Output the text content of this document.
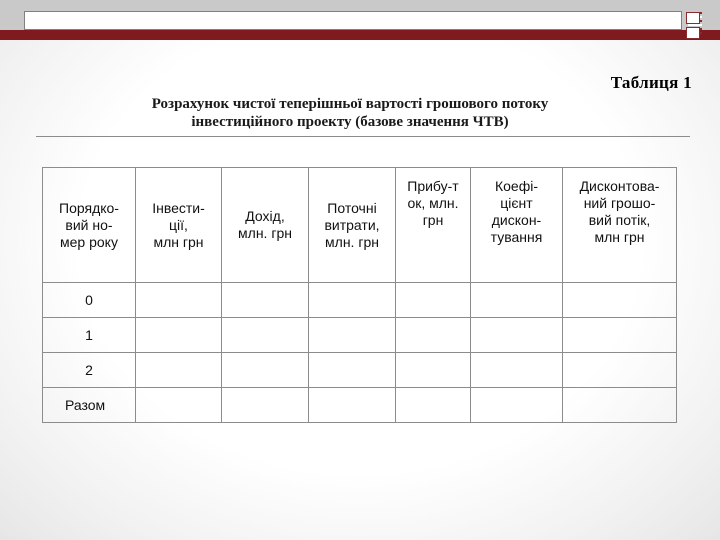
Таблиця 1
Розрахунок чистої теперішньої вартості грошового потоку
інвестиційного проекту (базове значення ЧТВ)
Порядко-
вий но-
мер року	Інвести-
ції,
млн грн	Дохід,
млн. грн	Поточні
витрати,
млн. грн	Прибу-т
ок, млн.
грн	Коефі-
цієнт
дискон-
тування	Дисконтова-
ний грошо-
вий потік,
млн грн

0						
1						
2						
Разом						
